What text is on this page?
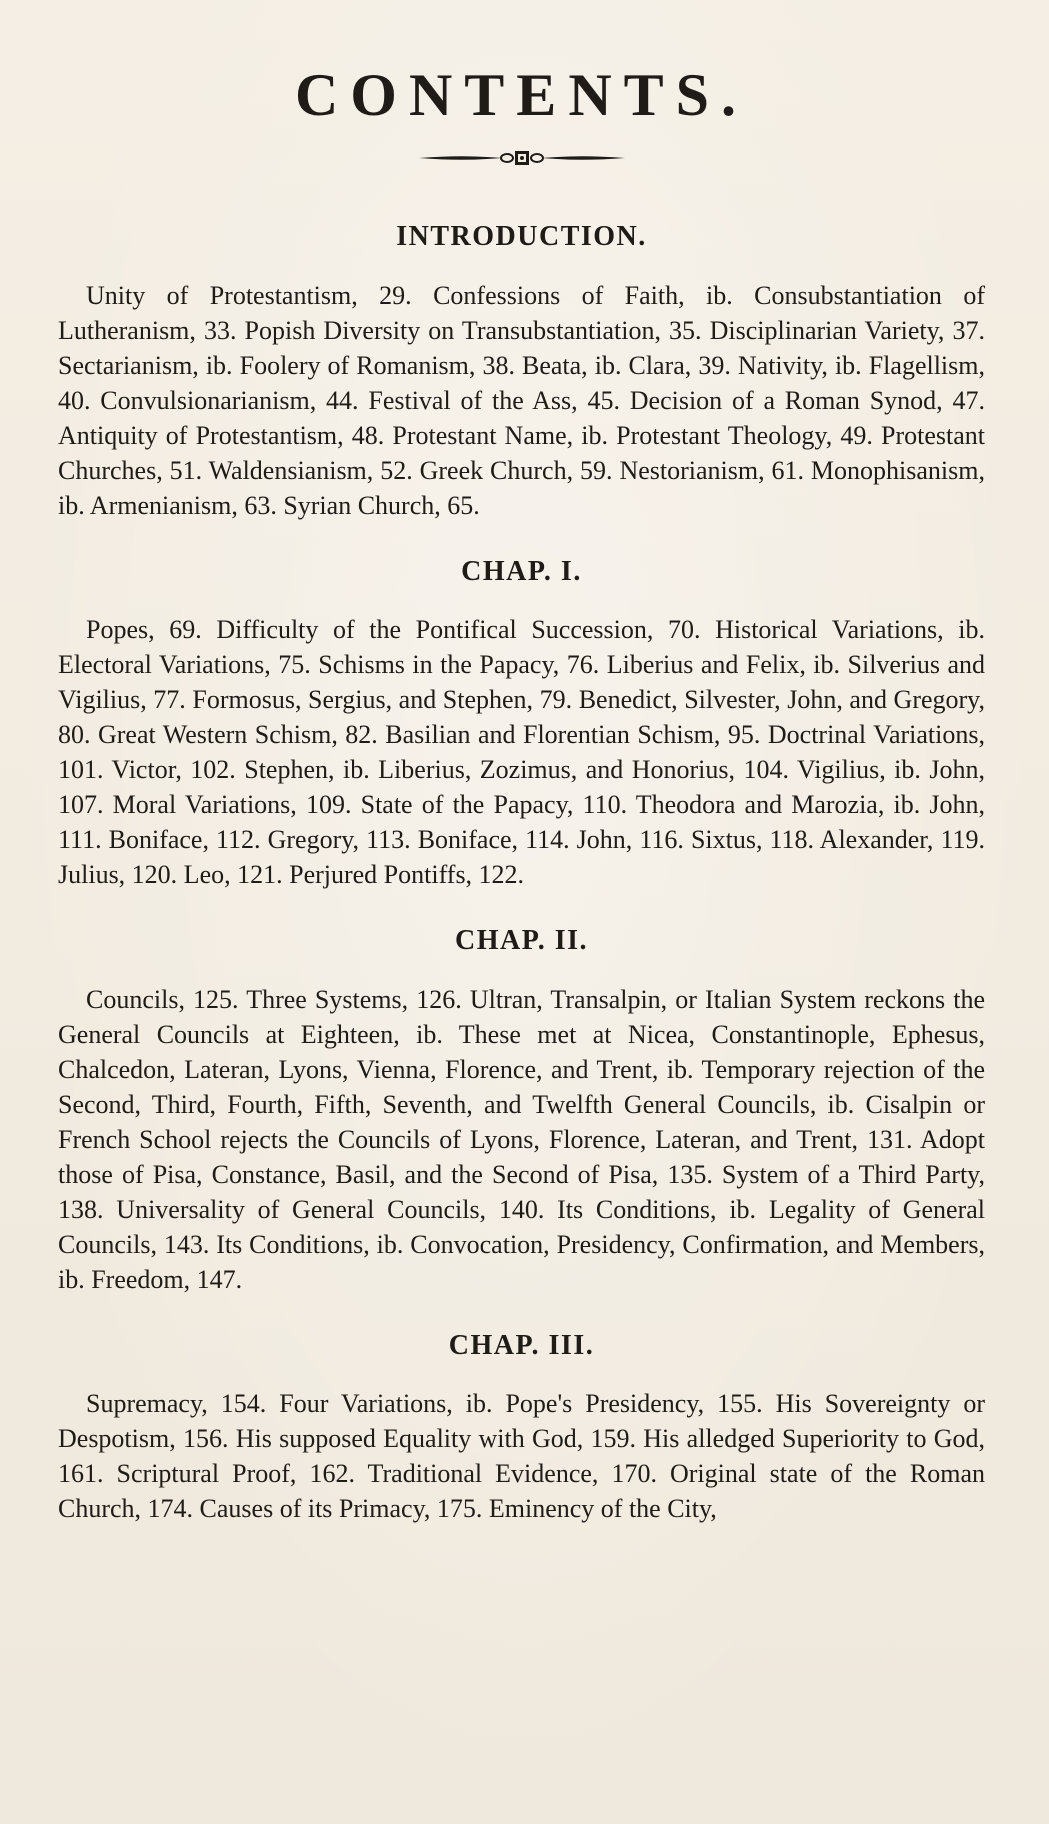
CONTENTS.
INTRODUCTION.

Unity of Protestantism, 29. Confessions of Faith, ib. Consubstantiation of Lutheranism, 33. Popish Diversity on Transubstantiation, 35. Disciplinarian Variety, 37. Sectarianism, ib. Foolery of Romanism, 38. Beata, ib. Clara, 39. Nativity, ib. Flagellism, 40. Convulsionarianism, 44. Festival of the Ass, 45. Decision of a Roman Synod, 47. Antiquity of Protestantism, 48. Protestant Name, ib. Protestant Theology, 49. Protestant Churches, 51. Waldensianism, 52. Greek Church, 59. Nestorianism, 61. Monophisanism, ib. Armenianism, 63. Syrian Church, 65.

CHAP. I.

Popes, 69. Difficulty of the Pontifical Succession, 70. Historical Variations, ib. Electoral Variations, 75. Schisms in the Papacy, 76. Liberius and Felix, ib. Silverius and Vigilius, 77. Formosus, Sergius, and Stephen, 79. Benedict, Silvester, John, and Gregory, 80. Great Western Schism, 82. Basilian and Florentian Schism, 95. Doctrinal Variations, 101. Victor, 102. Stephen, ib. Liberius, Zozimus, and Honorius, 104. Vigilius, ib. John, 107. Moral Variations, 109. State of the Papacy, 110. Theodora and Marozia, ib. John, 111. Boniface, 112. Gregory, 113. Boniface, 114. John, 116. Sixtus, 118. Alexander, 119. Julius, 120. Leo, 121. Perjured Pontiffs, 122.

CHAP. II.

Councils, 125. Three Systems, 126. Ultran, Transalpin, or Italian System reckons the General Councils at Eighteen, ib. These met at Nicea, Constantinople, Ephesus, Chalcedon, Lateran, Lyons, Vienna, Florence, and Trent, ib. Temporary rejection of the Second, Third, Fourth, Fifth, Seventh, and Twelfth General Councils, ib. Cisalpin or French School rejects the Councils of Lyons, Florence, Lateran, and Trent, 131. Adopt those of Pisa, Constance, Basil, and the Second of Pisa, 135. System of a Third Party, 138. Universality of General Councils, 140. Its Conditions, ib. Legality of General Councils, 143. Its Conditions, ib. Convocation, Presidency, Confirmation, and Members, ib. Freedom, 147.

CHAP. III.

Supremacy, 154. Four Variations, ib. Pope's Presidency, 155. His Sovereignty or Despotism, 156. His supposed Equality with God, 159. His alledged Superiority to God, 161. Scriptural Proof, 162. Traditional Evidence, 170. Original state of the Roman Church, 174. Causes of its Primacy, 175. Eminency of the City,
